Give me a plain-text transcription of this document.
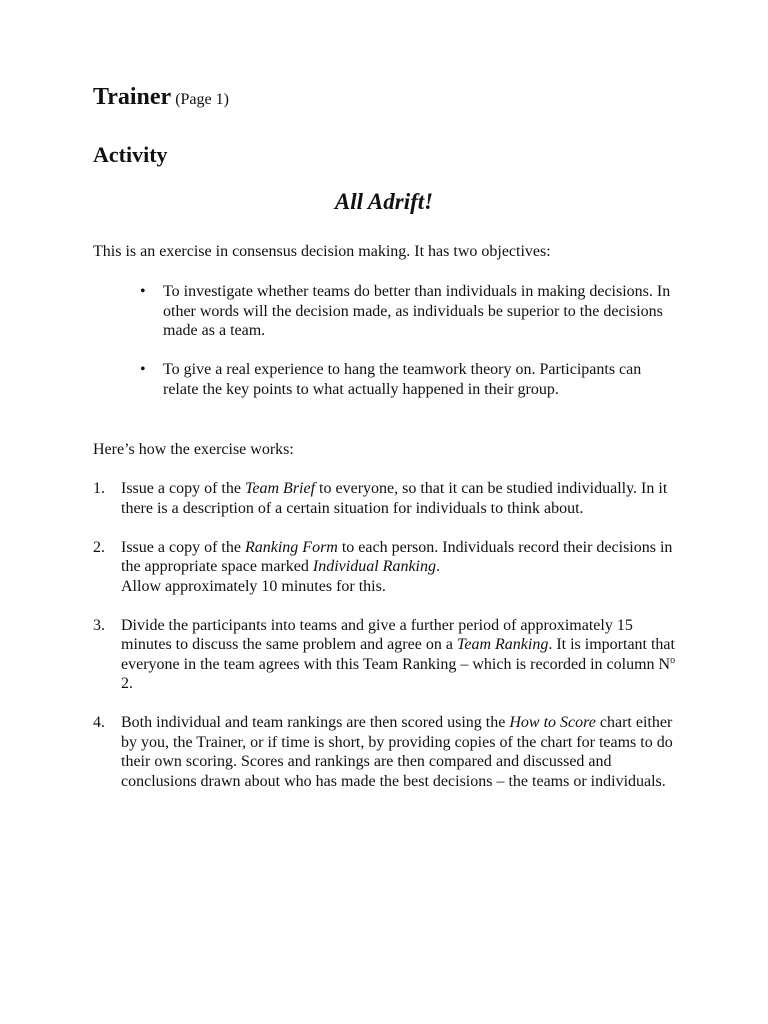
Trainer (Page 1)
Activity
All Adrift!
This is an exercise in consensus decision making. It has two objectives:
• To investigate whether teams do better than individuals in making decisions. In other words will the decision made, as individuals be superior to the decisions made as a team.
• To give a real experience to hang the teamwork theory on. Participants can relate the key points to what actually happened in their group.
Here’s how the exercise works:
1. Issue a copy of the Team Brief to everyone, so that it can be studied individually. In it there is a description of a certain situation for individuals to think about.
2. Issue a copy of the Ranking Form to each person. Individuals record their decisions in the appropriate space marked Individual Ranking.
Allow approximately 10 minutes for this.
3. Divide the participants into teams and give a further period of approximately 15 minutes to discuss the same problem and agree on a Team Ranking. It is important that everyone in the team agrees with this Team Ranking – which is recorded in column $N^o$ 2.
4. Both individual and team rankings are then scored using the How to Score chart either by you, the Trainer, or if time is short, by providing copies of the chart for teams to do their own scoring. Scores and rankings are then compared and discussed and conclusions drawn about who has made the best decisions – the teams or individuals.
